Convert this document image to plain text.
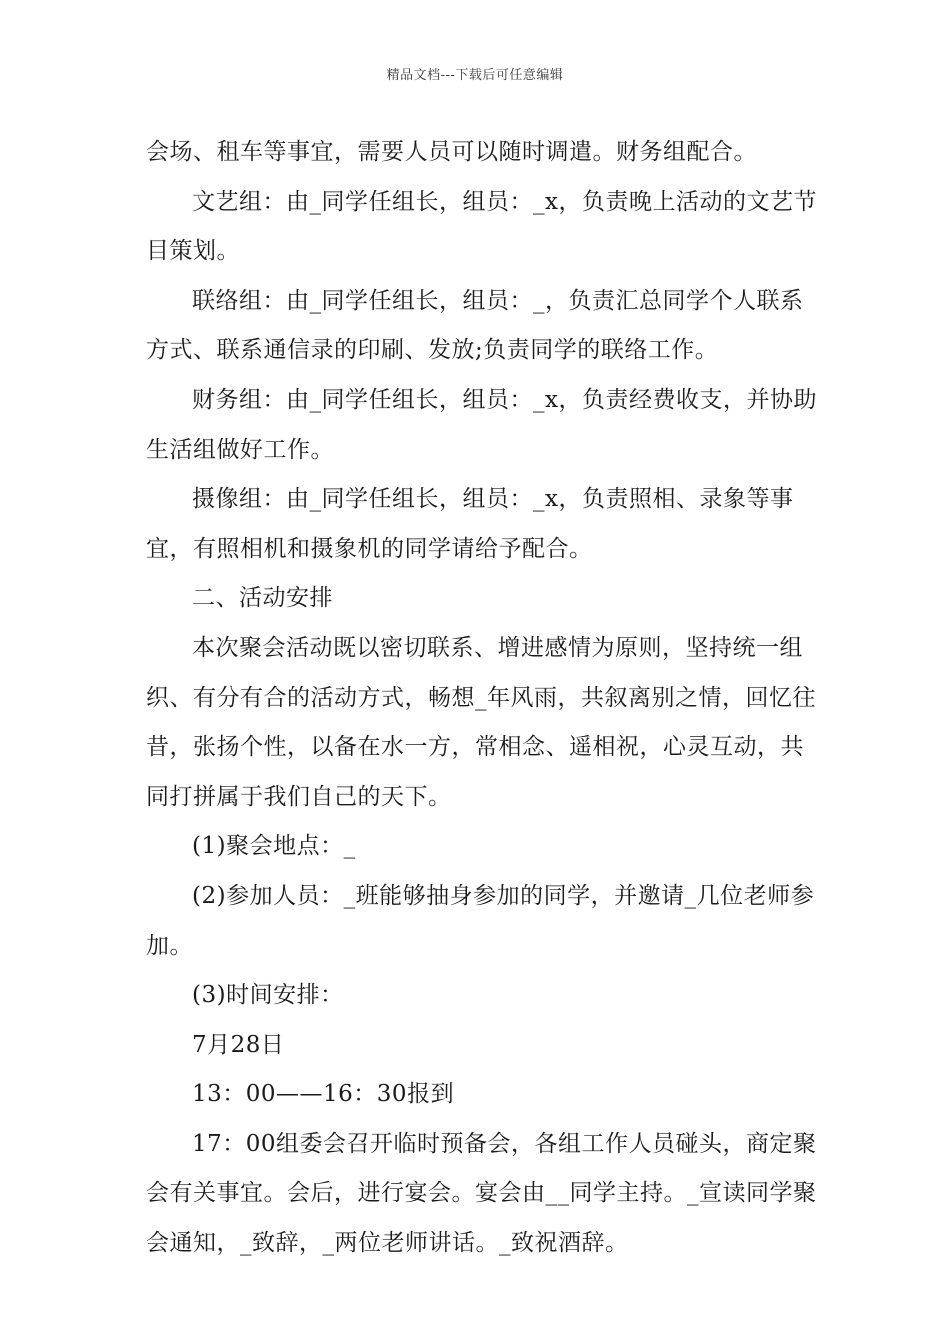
精品文档---下载后可任意编辑

会场、租车等事宜，需要人员可以随时调遣。财务组配合。

文艺组：由_同学任组长，组员：_x，负责晚上活动的文艺节目策划。

联络组：由_同学任组长，组员：_，负责汇总同学个人联系方式、联系通信录的印刷、发放;负责同学的联络工作。

财务组：由_同学任组长，组员：_x，负责经费收支，并协助生活组做好工作。

摄像组：由_同学任组长，组员：_x，负责照相、录象等事宜，有照相机和摄象机的同学请给予配合。

二、活动安排

本次聚会活动既以密切联系、增进感情为原则，坚持统一组织、有分有合的活动方式，畅想_年风雨，共叙离别之情，回忆往昔，张扬个性，以备在水一方，常相念、遥相祝，心灵互动，共同打拼属于我们自己的天下。

(1)聚会地点：_

(2)参加人员：_班能够抽身参加的同学，并邀请_几位老师参加。

(3)时间安排：

7月28日

13：00——16：30报到

17：00组委会召开临时预备会，各组工作人员碰头，商定聚会有关事宜。会后，进行宴会。宴会由__同学主持。_宣读同学聚会通知，_致辞，_两位老师讲话。_致祝酒辞。
